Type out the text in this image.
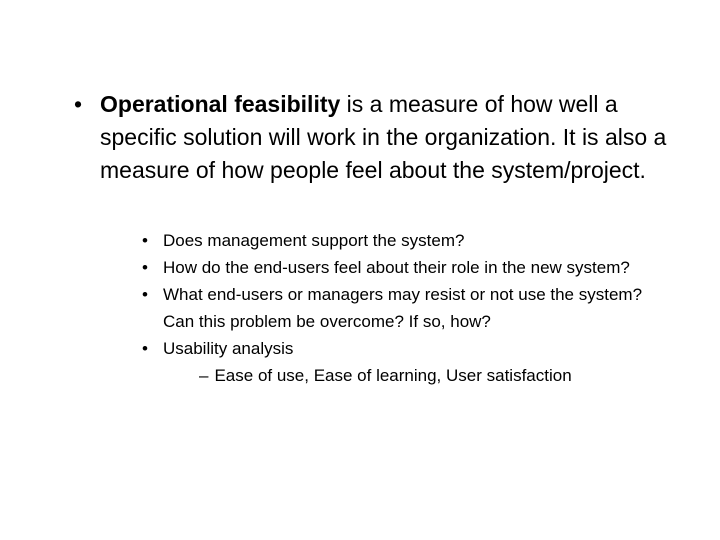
• Operational feasibility is a measure of how well a specific solution will work in the organization. It is also a measure of how people feel about the system/project.
• Does management support the system?
• How do the end-users feel about their role in the new system?
• What end-users or managers may resist or not use the system? Can this problem be overcome? If so, how?
• Usability analysis
– Ease of use, Ease of learning, User satisfaction
